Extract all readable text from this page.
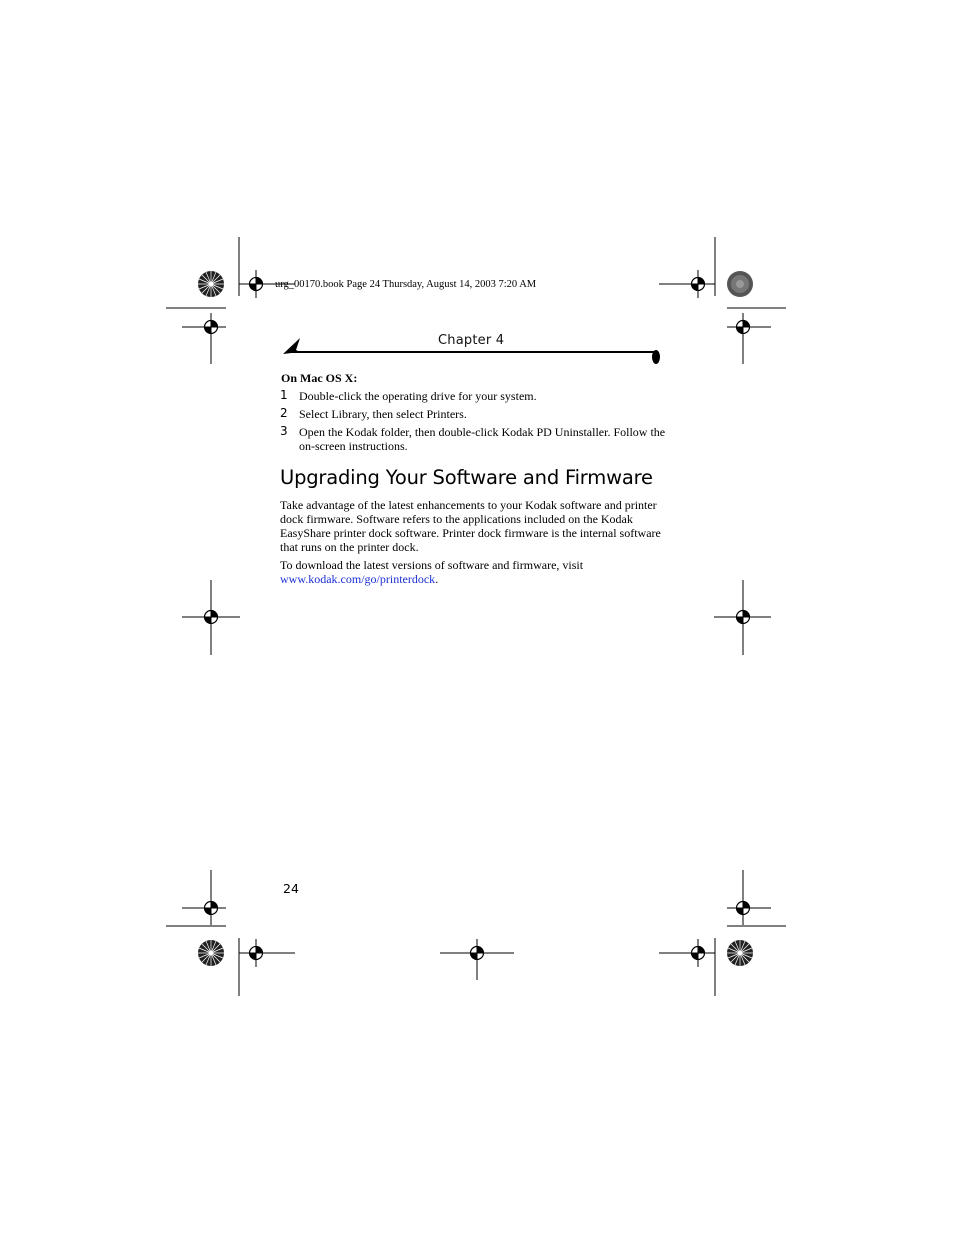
urg_00170.book Page 24 Thursday, August 14, 2003 7:20 AM
Chapter 4
On Mac OS X:
1 Double-click the operating drive for your system.
2 Select Library, then select Printers.
3 Open the Kodak folder, then double-click Kodak PD Uninstaller. Follow the on-screen instructions.
Upgrading Your Software and Firmware
Take advantage of the latest enhancements to your Kodak software and printer dock firmware. Software refers to the applications included on the Kodak EasyShare printer dock software. Printer dock firmware is the internal software that runs on the printer dock.
To download the latest versions of software and firmware, visit
www.kodak.com/go/printerdock.
24
